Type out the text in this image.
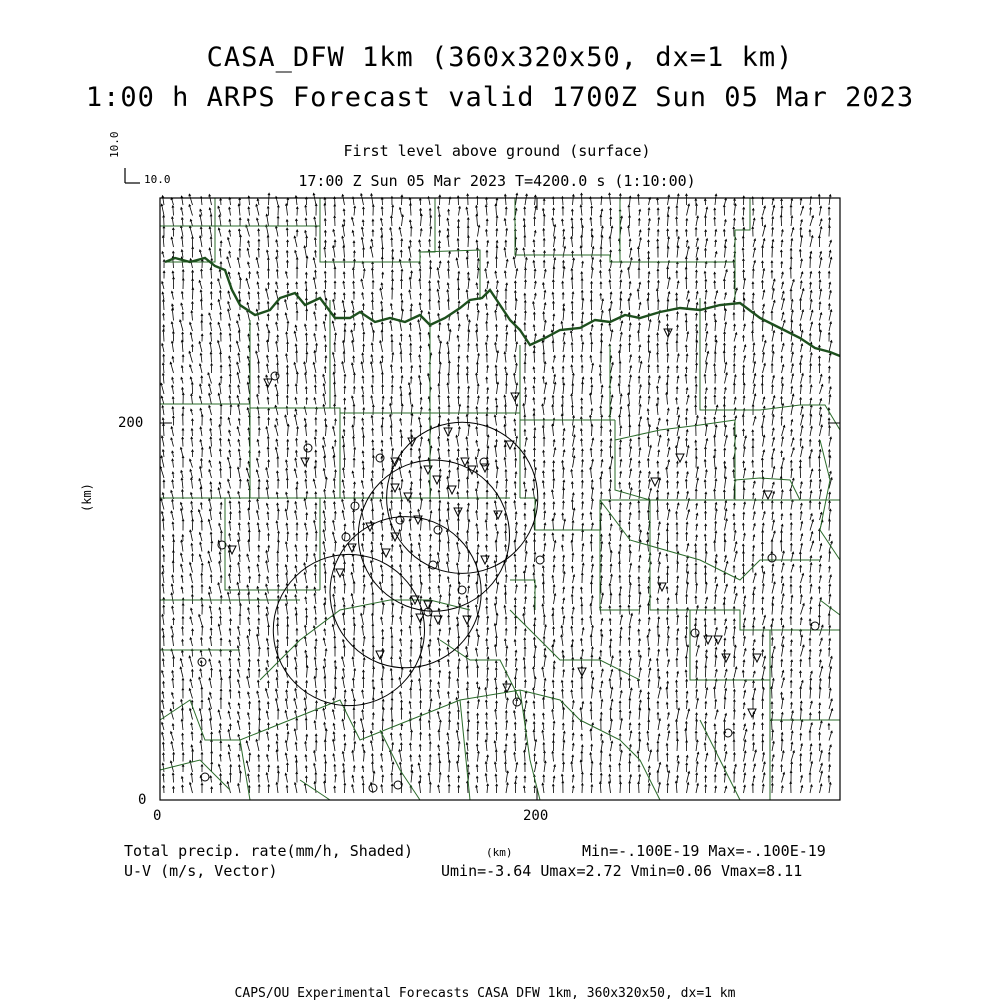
CASA_DFW 1km (360x320x50, dx=1 km)
1:00 h ARPS Forecast valid 1700Z Sun 05 Mar 2023
First level above ground (surface)
17:00 Z Sun 05 Mar 2023 T=4200.0 s (1:10:00)
10.0
10.0
200
0
0	200
(km)
Total precip. rate(mm/h, Shaded)	(km)	Min=-.100E-19 Max=-.100E-19
U-V (m/s, Vector)	Umin=-3.64 Umax=2.72 Vmin=0.06 Vmax=8.11
CAPS/OU Experimental Forecasts CASA DFW 1km, 360x320x50, dx=1 km
